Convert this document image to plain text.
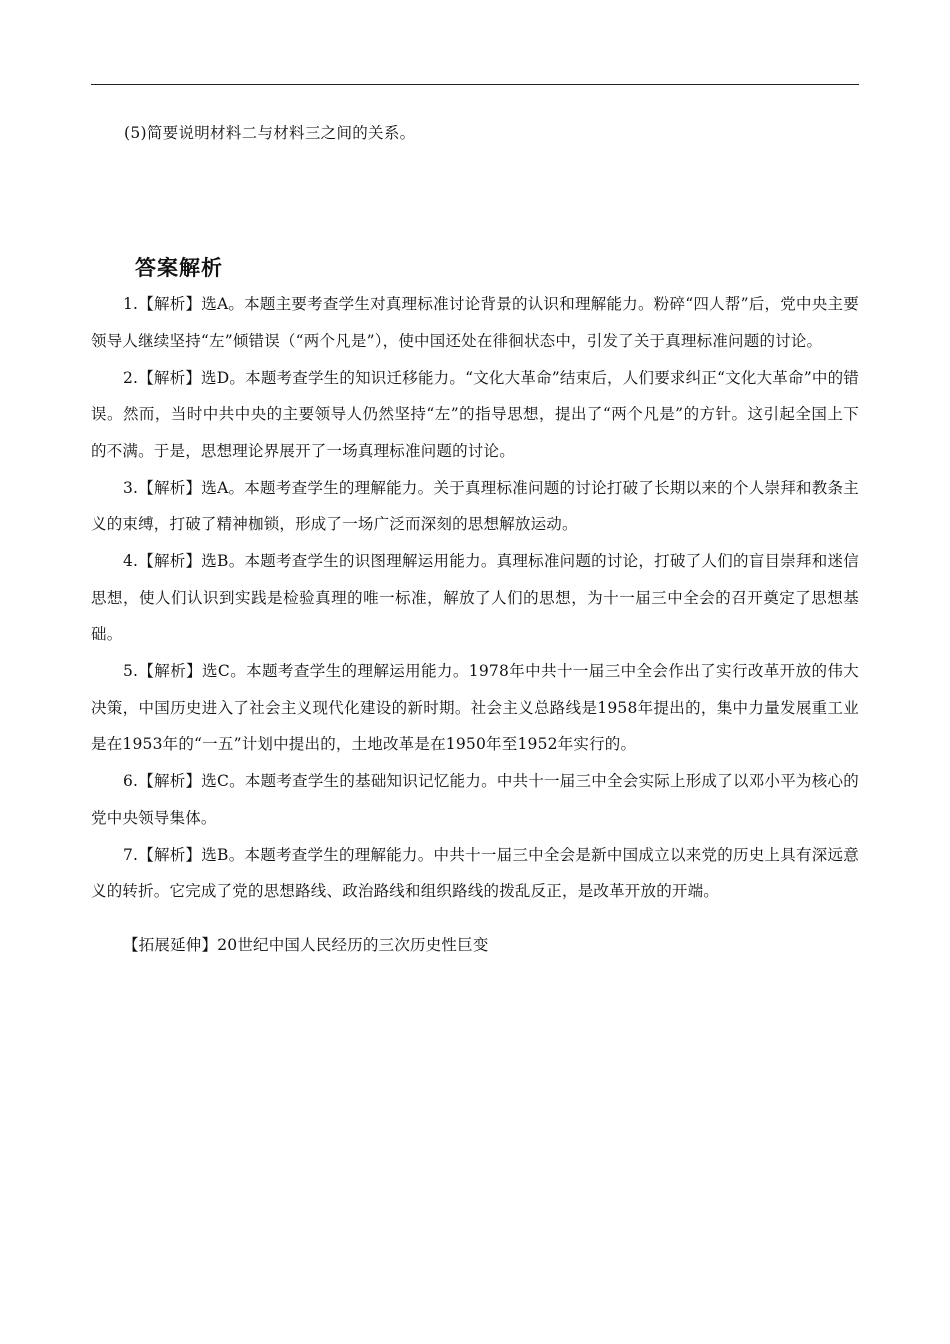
(5)简要说明材料二与材料三之间的关系。
答案解析

1.【解析】选A。本题主要考查学生对真理标准讨论背景的认识和理解能力。粉碎“四人帮”后，党中央主要领导人继续坚持“左”倾错误（“两个凡是”），使中国还处在徘徊状态中，引发了关于真理标准问题的讨论。

2.【解析】选D。本题考查学生的知识迁移能力。“文化大革命”结束后，人们要求纠正“文化大革命”中的错误。然而，当时中共中央的主要领导人仍然坚持“左”的指导思想，提出了“两个凡是”的方针。这引起全国上下的不满。于是，思想理论界展开了一场真理标准问题的讨论。

3.【解析】选A。本题考查学生的理解能力。关于真理标准问题的讨论打破了长期以来的个人崇拜和教条主义的束缚，打破了精神枷锁，形成了一场广泛而深刻的思想解放运动。

4.【解析】选B。本题考查学生的识图理解运用能力。真理标准问题的讨论，打破了人们的盲目崇拜和迷信思想，使人们认识到实践是检验真理的唯一标准，解放了人们的思想，为十一届三中全会的召开奠定了思想基础。

5.【解析】选C。本题考查学生的理解运用能力。1978年中共十一届三中全会作出了实行改革开放的伟大决策，中国历史进入了社会主义现代化建设的新时期。社会主义总路线是1958年提出的，集中力量发展重工业是在1953年的“一五”计划中提出的，土地改革是在1950年至1952年实行的。

6.【解析】选C。本题考查学生的基础知识记忆能力。中共十一届三中全会实际上形成了以邓小平为核心的党中央领导集体。

7.【解析】选B。本题考查学生的理解能力。中共十一届三中全会是新中国成立以来党的历史上具有深远意义的转折。它完成了党的思想路线、政治路线和组织路线的拨乱反正，是改革开放的开端。

【拓展延伸】20世纪中国人民经历的三次历史性巨变
